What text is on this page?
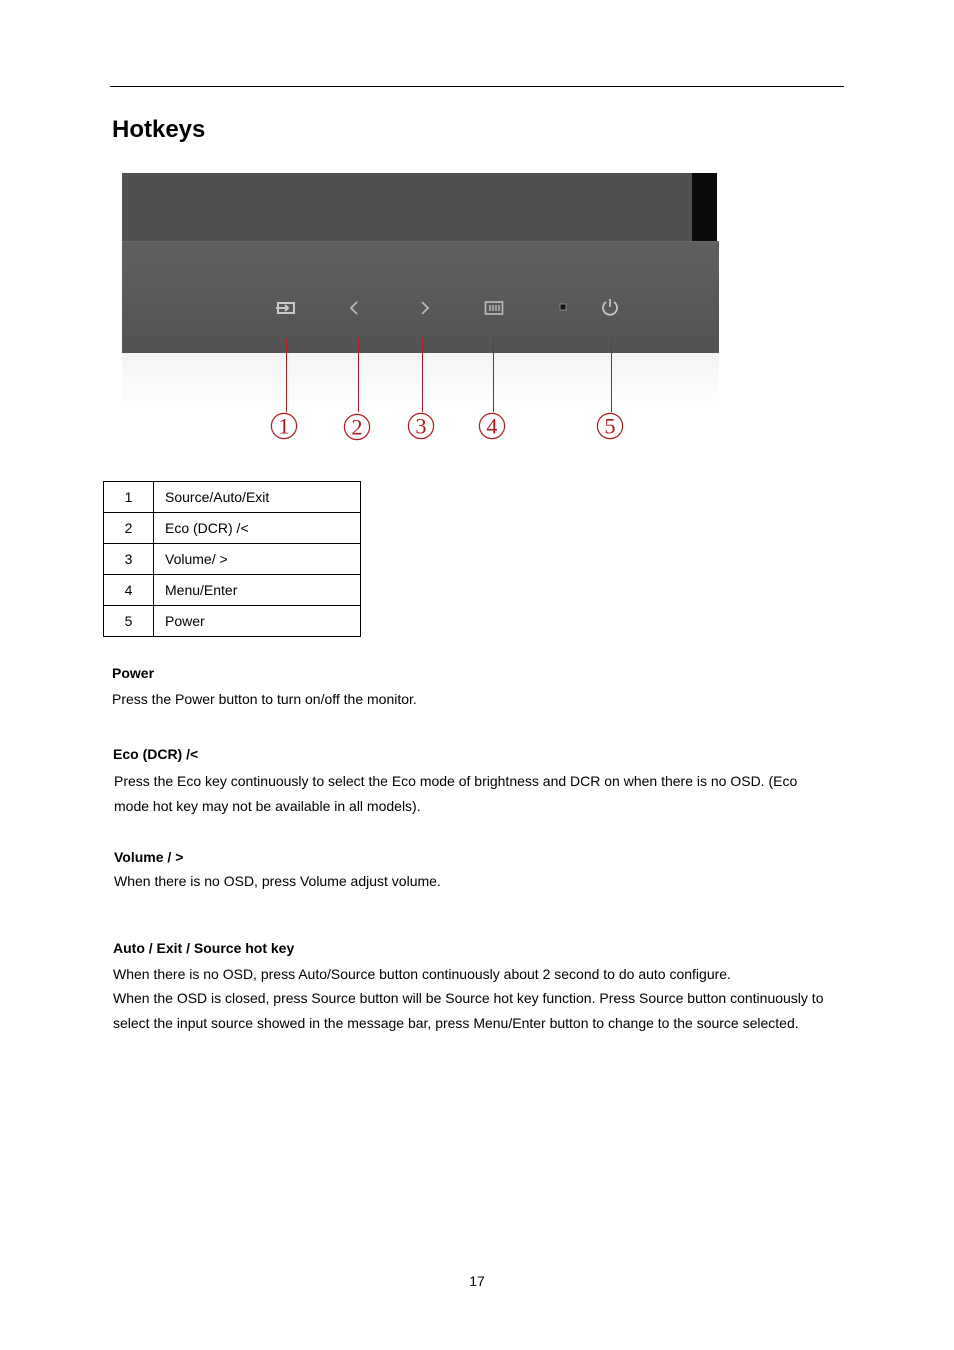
Hotkeys
1	2 3 4	5
1	Source/Auto/Exit
2	Eco (DCR) /<
3	Volume/ >
4	Menu/Enter
5	Power
Power

Press the Power button to turn on/off the monitor.

Eco (DCR) /<

Press the Eco key continuously to select the Eco mode of brightness and DCR on when there is no OSD. (Eco

mode hot key may not be available in all models).

Volume / >

When there is no OSD, press Volume adjust volume.

Auto / Exit / Source hot key

When there is no OSD, press Auto/Source button continuously about 2 second to do auto configure.

When the OSD is closed, press Source button will be Source hot key function. Press Source button continuously to

select the input source showed in the message bar, press Menu/Enter button to change to the source selected.

17
